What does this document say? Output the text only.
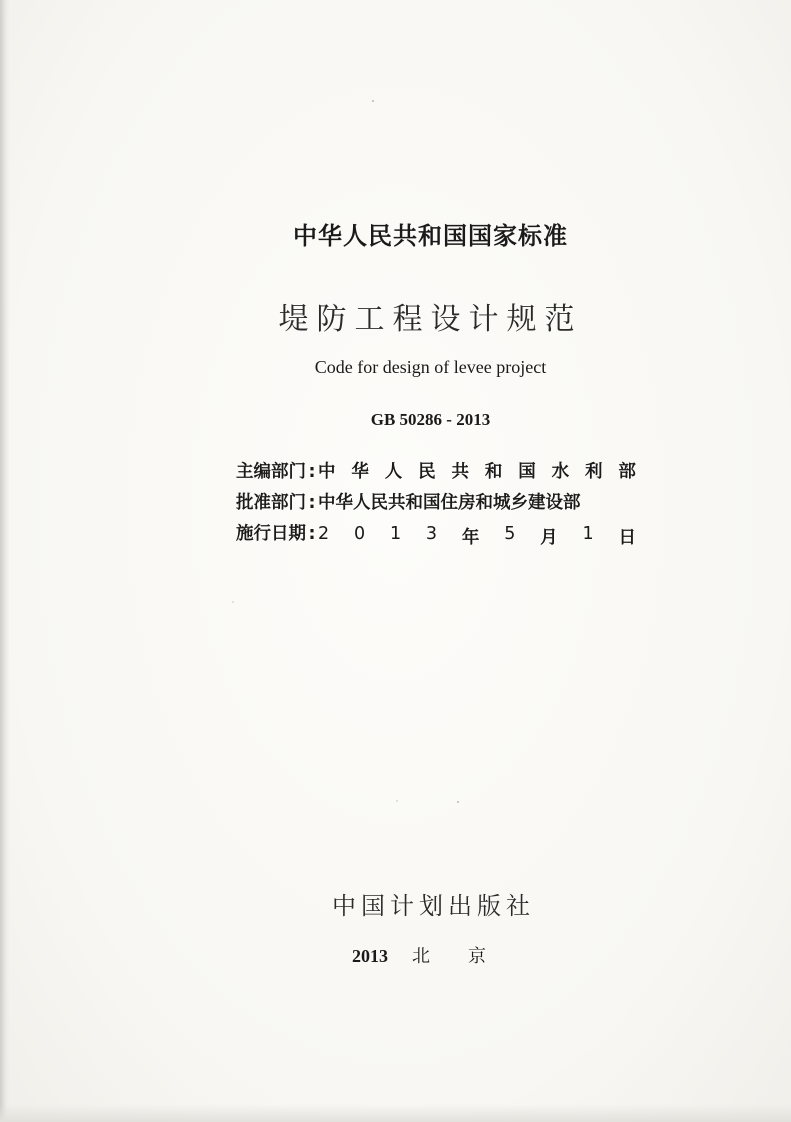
中华人民共和国国家标准
堤防工程设计规范
Code for design of levee project
GB 50286 - 2013
主编部门 : 中 华 人 民 共 和 国 水 利 部
批准部门 : 中华人民共和国住房和城乡建设部
施行日期 : 2 0 1 3 年 5 月 1 日
中国计划出版社
2013 北京
